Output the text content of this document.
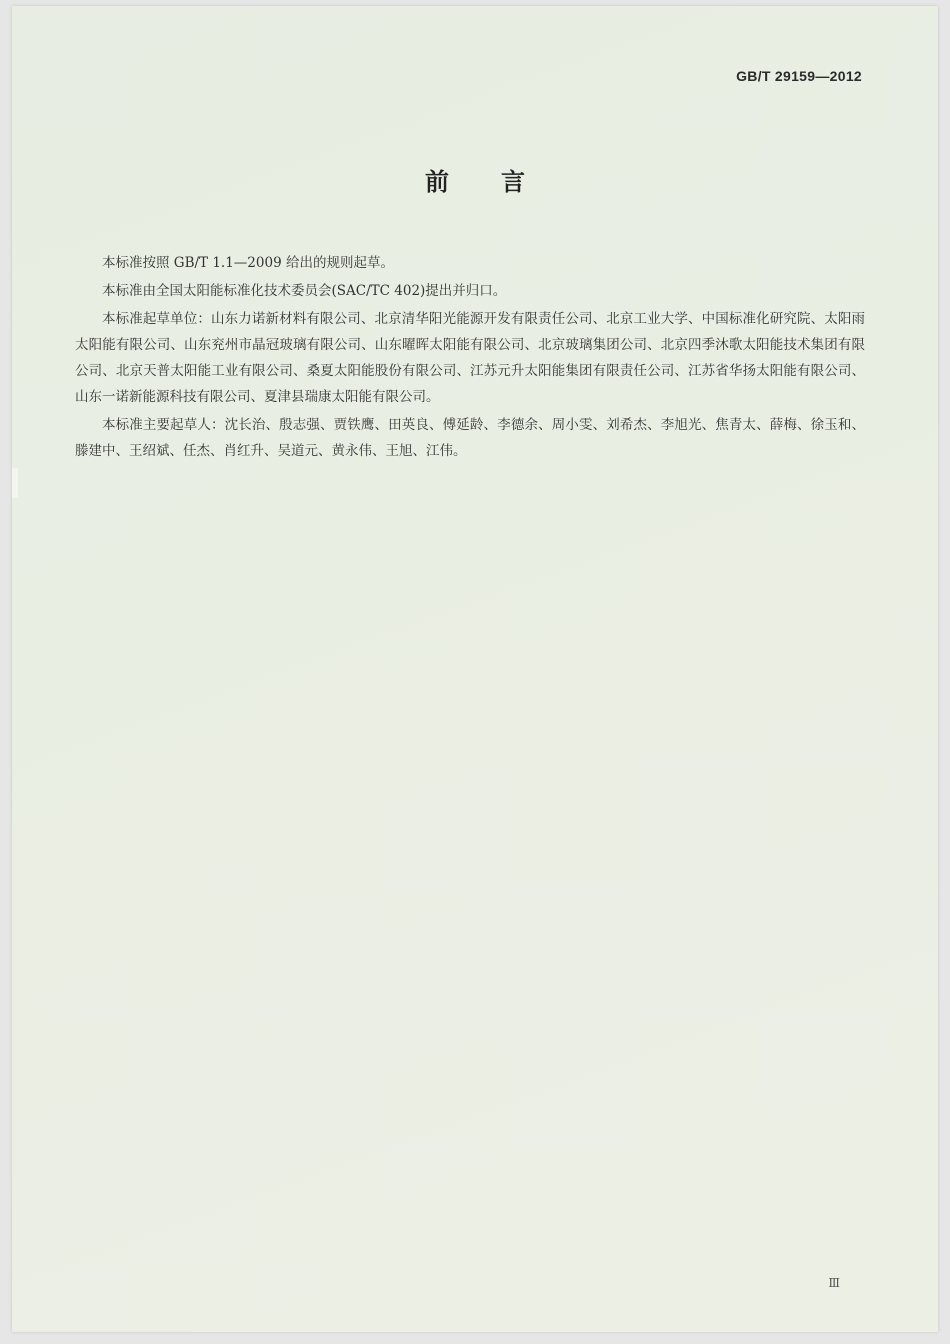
GB/T 29159—2012
前言

本标准按照 GB/T 1.1—2009 给出的规则起草。

本标准由全国太阳能标准化技术委员会(SAC/TC 402)提出并归口。

本标准起草单位：山东力诺新材料有限公司、北京清华阳光能源开发有限责任公司、北京工业大学、中国标准化研究院、太阳雨太阳能有限公司、山东兖州市晶冠玻璃有限公司、山东曜晖太阳能有限公司、北京玻璃集团公司、北京四季沐歌太阳能技术集团有限公司、北京天普太阳能工业有限公司、桑夏太阳能股份有限公司、江苏元升太阳能集团有限责任公司、江苏省华扬太阳能有限公司、山东一诺新能源科技有限公司、夏津县瑞康太阳能有限公司。

本标准主要起草人：沈长治、殷志强、贾铁鹰、田英良、傅延龄、李德余、周小雯、刘希杰、李旭光、焦青太、薛梅、徐玉和、滕建中、王绍斌、任杰、肖红升、吴道元、黄永伟、王旭、江伟。

Ⅲ
